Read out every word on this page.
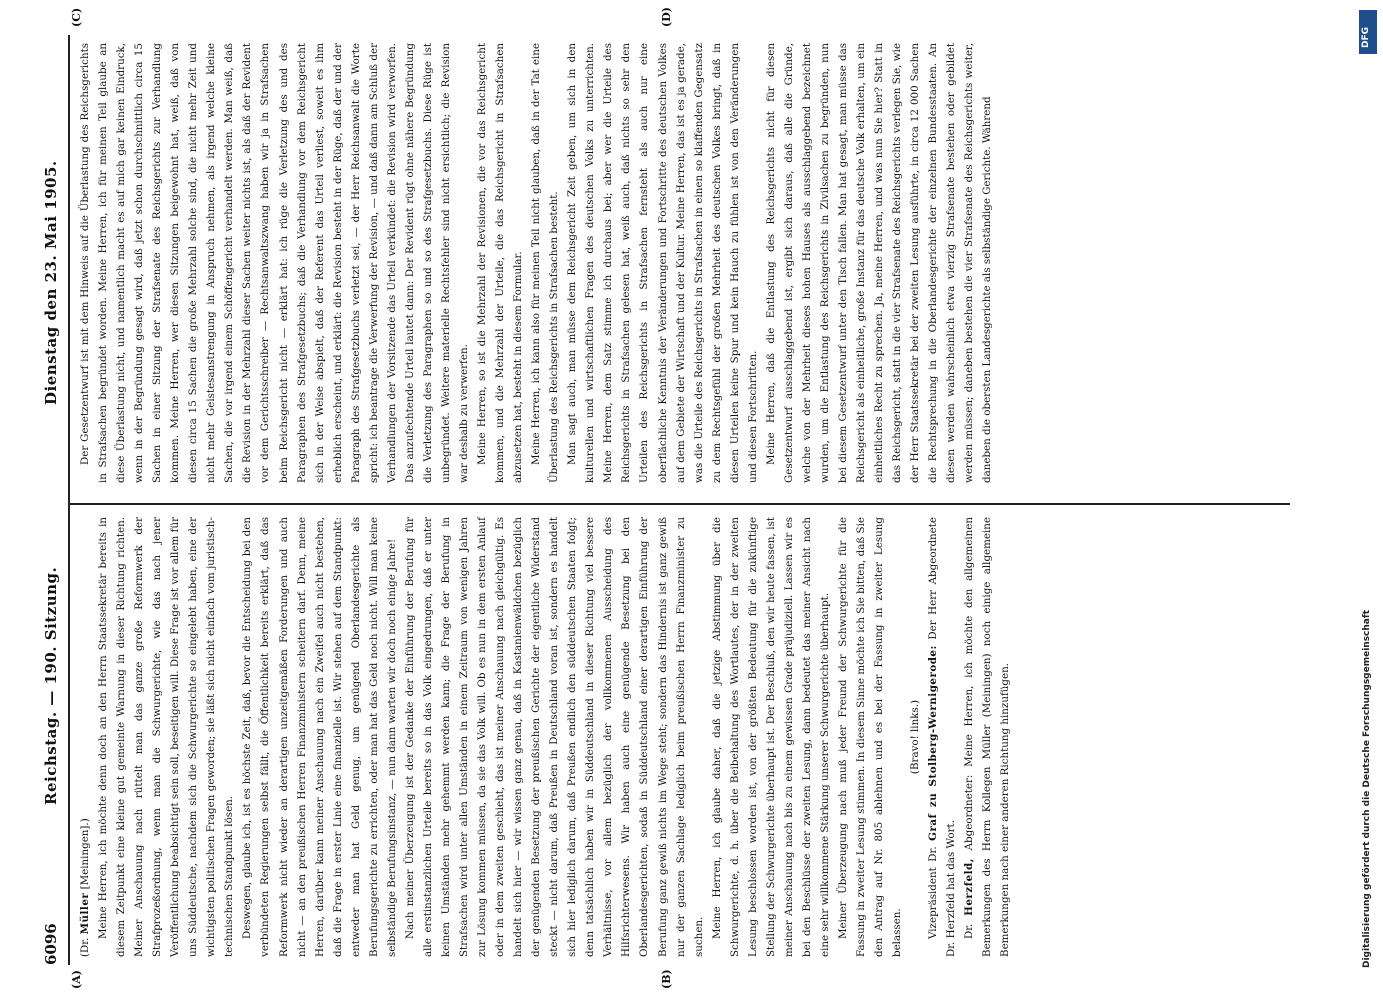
6096
Reichstag. — 190. Sitzung.
Dienstag den 23. Mai 1905.
(A)	(B)
(C)	(D)

(Dr. Müller [Meiningen].) Meine Herren, ich möchte denn doch an den Herrn Staatssekretär bereits in diesem Zeitpunkt eine kleine gut gemeinte Warnung in dieser Richtung richten. Meiner Anschauung nach rüttelt man das ganze große Reformwerk der Strafprozeßordnung, wenn man die Schwurgerichte, wie das nach jener Veröffentlichung beabsichtigt sein soll, beseitigen will. Diese Frage ist vor allem für uns Süddeutsche, nachdem sich die Schwurgerichte so eingelebt haben, eine der wichtigsten politischen Fragen geworden; sie läßt sich nicht einfach vom juristisch-technischen Standpunkt lösen. Deswegen, glaube ich, ist es höchste Zeit, daß, bevor die Entscheidung bei den verbündeten Regierungen selbst fällt, die Öffentlichkeit bereits erklärt, daß das Reformwerk nicht wieder an derartigen unzeitgemäßen Forderungen und auch nicht — an den preußischen Herren Finanzministern scheitern darf. Denn, meine Herren, darüber kann meiner Anschauung nach ein Zweifel auch nicht bestehen, daß die Frage in erster Linie eine finanzielle ist. Wir stehen auf dem Standpunkt: entweder man hat Geld genug, um genügend Oberlandesgerichte als Berufungsgerichte zu errichten, oder man hat das Geld noch nicht. Will man keine selbständige Berufungsinstanz, — nun dann warten wir doch noch einige Jahre! Nach meiner Überzeugung ist der Gedanke der Einführung der Berufung für alle erstinstanzlichen Urteile bereits so in das Volk eingedrungen, daß er unter keinen Umständen mehr gehemmt werden kann; die Frage der Berufung in Strafsachen wird unter allen Umständen in einem Zeitraum von wenigen Jahren zur Lösung kommen müssen, da sie das Volk will. Ob es nun in dem ersten Anlauf oder in dem zweiten geschieht, das ist meiner Anschauung nach gleichgültig. Es handelt sich hier — wir wissen ganz genau, daß in Kastanienwäldchen bezüglich der genügenden Besetzung der preußischen Gerichte der eigentliche Widerstand steckt — nicht darum, daß Preußen in Deutschland voran ist, sondern es handelt sich hier lediglich darum, daß Preußen endlich den süddeutschen Staaten folgt; denn tatsächlich haben wir in Süddeutschland in dieser Richtung viel bessere Verhältnisse, vor allem bezüglich der vollkommenen Ausscheidung des Hilfsrichterwesens. Wir haben auch eine genügende Besetzung bei den Oberlandesgerichten, sodaß in Süddeutschland einer derartigen Einführung der Berufung ganz gewiß nichts im Wege steht; sondern das Hindernis ist ganz gewiß nur der ganzen Sachlage lediglich beim preußischen Herrn Finanzminister zu suchen. Meine Herren, ich glaube daher, daß die jetzige Abstimmung über die Schwurgerichte, d. h. über die Beibehaltung des Wortlautes, der in der zweiten Lesung beschlossen worden ist, von der größten Bedeutung für die zukünftige Stellung der Schwurgerichte überhaupt ist. Der Beschluß, den wir heute fassen, ist meiner Anschauung nach bis zu einem gewissen Grade präjudiziell. Lassen wir es bei den Beschlüsse der zweiten Lesung, dann bedeutet das meiner Ansicht nach eine sehr willkommene Stärkung unserer Schwurgerichte überhaupt. Meiner Überzeugung nach muß jeder Freund der Schwurgerichte für die Fassung in zweiter Lesung stimmen. In diesem Sinne möchte ich Sie bitten, daß Sie den Antrag auf Nr. 805 ablehnen und es bei der Fassung in zweiter Lesung belassen.

(Bravo! links.)

Vizepräsident Dr. Graf zu Stolberg-Wernigerode: Der Herr Abgeordnete Dr. Herzfeld hat das Wort. Dr. Herzfeld, Abgeordneter: Meine Herren, ich möchte den allgemeinen Bemerkungen des Herrn Kollegen Müller (Meiningen) noch einige allgemeine Bemerkungen nach einer anderen Richtung hinzufügen.

Der Gesetzentwurf ist mit dem Hinweis auf die Überlastung des Reichsgerichts in Strafsachen begründet worden. Meine Herren, ich für meinen Teil glaube an diese Überlastung nicht, und namentlich macht es auf mich gar keinen Eindruck, wenn in der Begründung gesagt wird, daß jetzt schon durchschnittlich circa 15 Sachen in einer Sitzung der Strafsenate des Reichsgerichts zur Verhandlung kommen. Meine Herren, wer diesen Sitzungen beigewohnt hat, weiß, daß von diesen circa 15 Sachen die große Mehrzahl solche sind, die nicht mehr Zeit und nicht mehr Geistesanstrengung in Anspruch nehmen, als irgend welche kleine Sachen, die vor irgend einem Schöffengericht verhandelt werden. Man weiß, daß die Revision in der Mehrzahl dieser Sachen weiter nichts ist, als daß der Revident vor dem Gerichtsschreiber — Rechtsanwaltszwang haben wir ja in Strafsachen beim Reichsgericht nicht — erklärt hat: ich rüge die Verletzung des und des Paragraphen des Strafgesetzbuchs; daß die Verhandlung vor dem Reichsgericht sich in der Weise abspielt, daß der Referent das Urteil verliest, soweit es ihm erheblich erscheint, und erklärt: die Revision besteht in der Rüge, daß der und der Paragraph des Strafgesetzbuchs verletzt sei, — der Herr Reichsanwalt die Worte spricht: ich beantrage die Verwerfung der Revision, — und daß dann am Schluß der Verhandlungen der Vorsitzende das Urteil verkündet: die Revision wird verworfen. Das anzufechtende Urteil lautet dann: Der Revident rügt ohne nähere Begründung die Verletzung des Paragraphen so und so des Strafgesetzbuchs. Diese Rüge ist unbegründet. Weitere materielle Rechtsfehler sind nicht ersichtlich; die Revision war deshalb zu verwerfen. Meine Herren, so ist die Mehrzahl der Revisionen, die vor das Reichsgericht kommen, und die Mehrzahl der Urteile, die das Reichsgericht in Strafsachen abzusetzen hat, besteht in diesem Formular. Meine Herren, ich kann also für meinen Teil nicht glauben, daß in der Tat eine Überlastung des Reichsgerichts in Strafsachen besteht. Man sagt auch, man müsse dem Reichsgericht Zeit geben, um sich in den kulturellen und wirtschaftlichen Fragen des deutschen Volks zu unterrichten. Meine Herren, dem Satz stimme ich durchaus bei; aber wer die Urteile des Reichsgerichts in Strafsachen gelesen hat, weiß auch, daß nichts so sehr den Urteilen des Reichsgerichts in Strafsachen fernsteht als auch nur eine oberflächliche Kenntnis der Veränderungen und Fortschritte des deutschen Volkes auf dem Gebiete der Wirtschaft und der Kultur. Meine Herren, das ist es ja gerade, was die Urteile des Reichsgerichts in Strafsachen in einen so klaffenden Gegensatz zu dem Rechtsgefühl der großen Mehrheit des deutschen Volkes bringt, daß in diesen Urteilen keine Spur und kein Hauch zu fühlen ist von den Veränderungen und diesen Fortschritten. Meine Herren, daß die Entlastung des Reichsgerichts nicht für diesen Gesetzentwurf ausschlaggebend ist, ergibt sich daraus, daß alle die Gründe, welche von der Mehrheit dieses hohen Hauses als ausschlaggebend bezeichnet wurden, um die Entlastung des Reichsgerichts in Zivilsachen zu begründen, nun bei diesem Gesetzentwurf unter den Tisch fallen. Man hat gesagt, man müsse das Reichsgericht als einheitliche, große Instanz für das deutsche Volk erhalten, um ein einheitliches Recht zu sprechen. Ja, meine Herren, und was nun Sie hier? Statt in das Reichsgericht, statt in die vier Strafsenate des Reichsgerichts verlegen Sie, wie der Herr Staatssekretär bei der zweiten Lesung ausführte, in circa 12 000 Sachen die Rechtsprechung in die Oberlandesgerichte der einzelnen Bundesstaaten. An diesen werden wahrscheinlich etwa vierzig Strafsenate bestehen oder gebildet werden müssen; daneben bestehen die vier Strafsenate des Reichsgerichts weiter, daneben die obersten Landesgerichte als selbständige Gerichte. Während

DFG
Digitalisierung gefördert durch die Deutsche Forschungsgemeinschaft
